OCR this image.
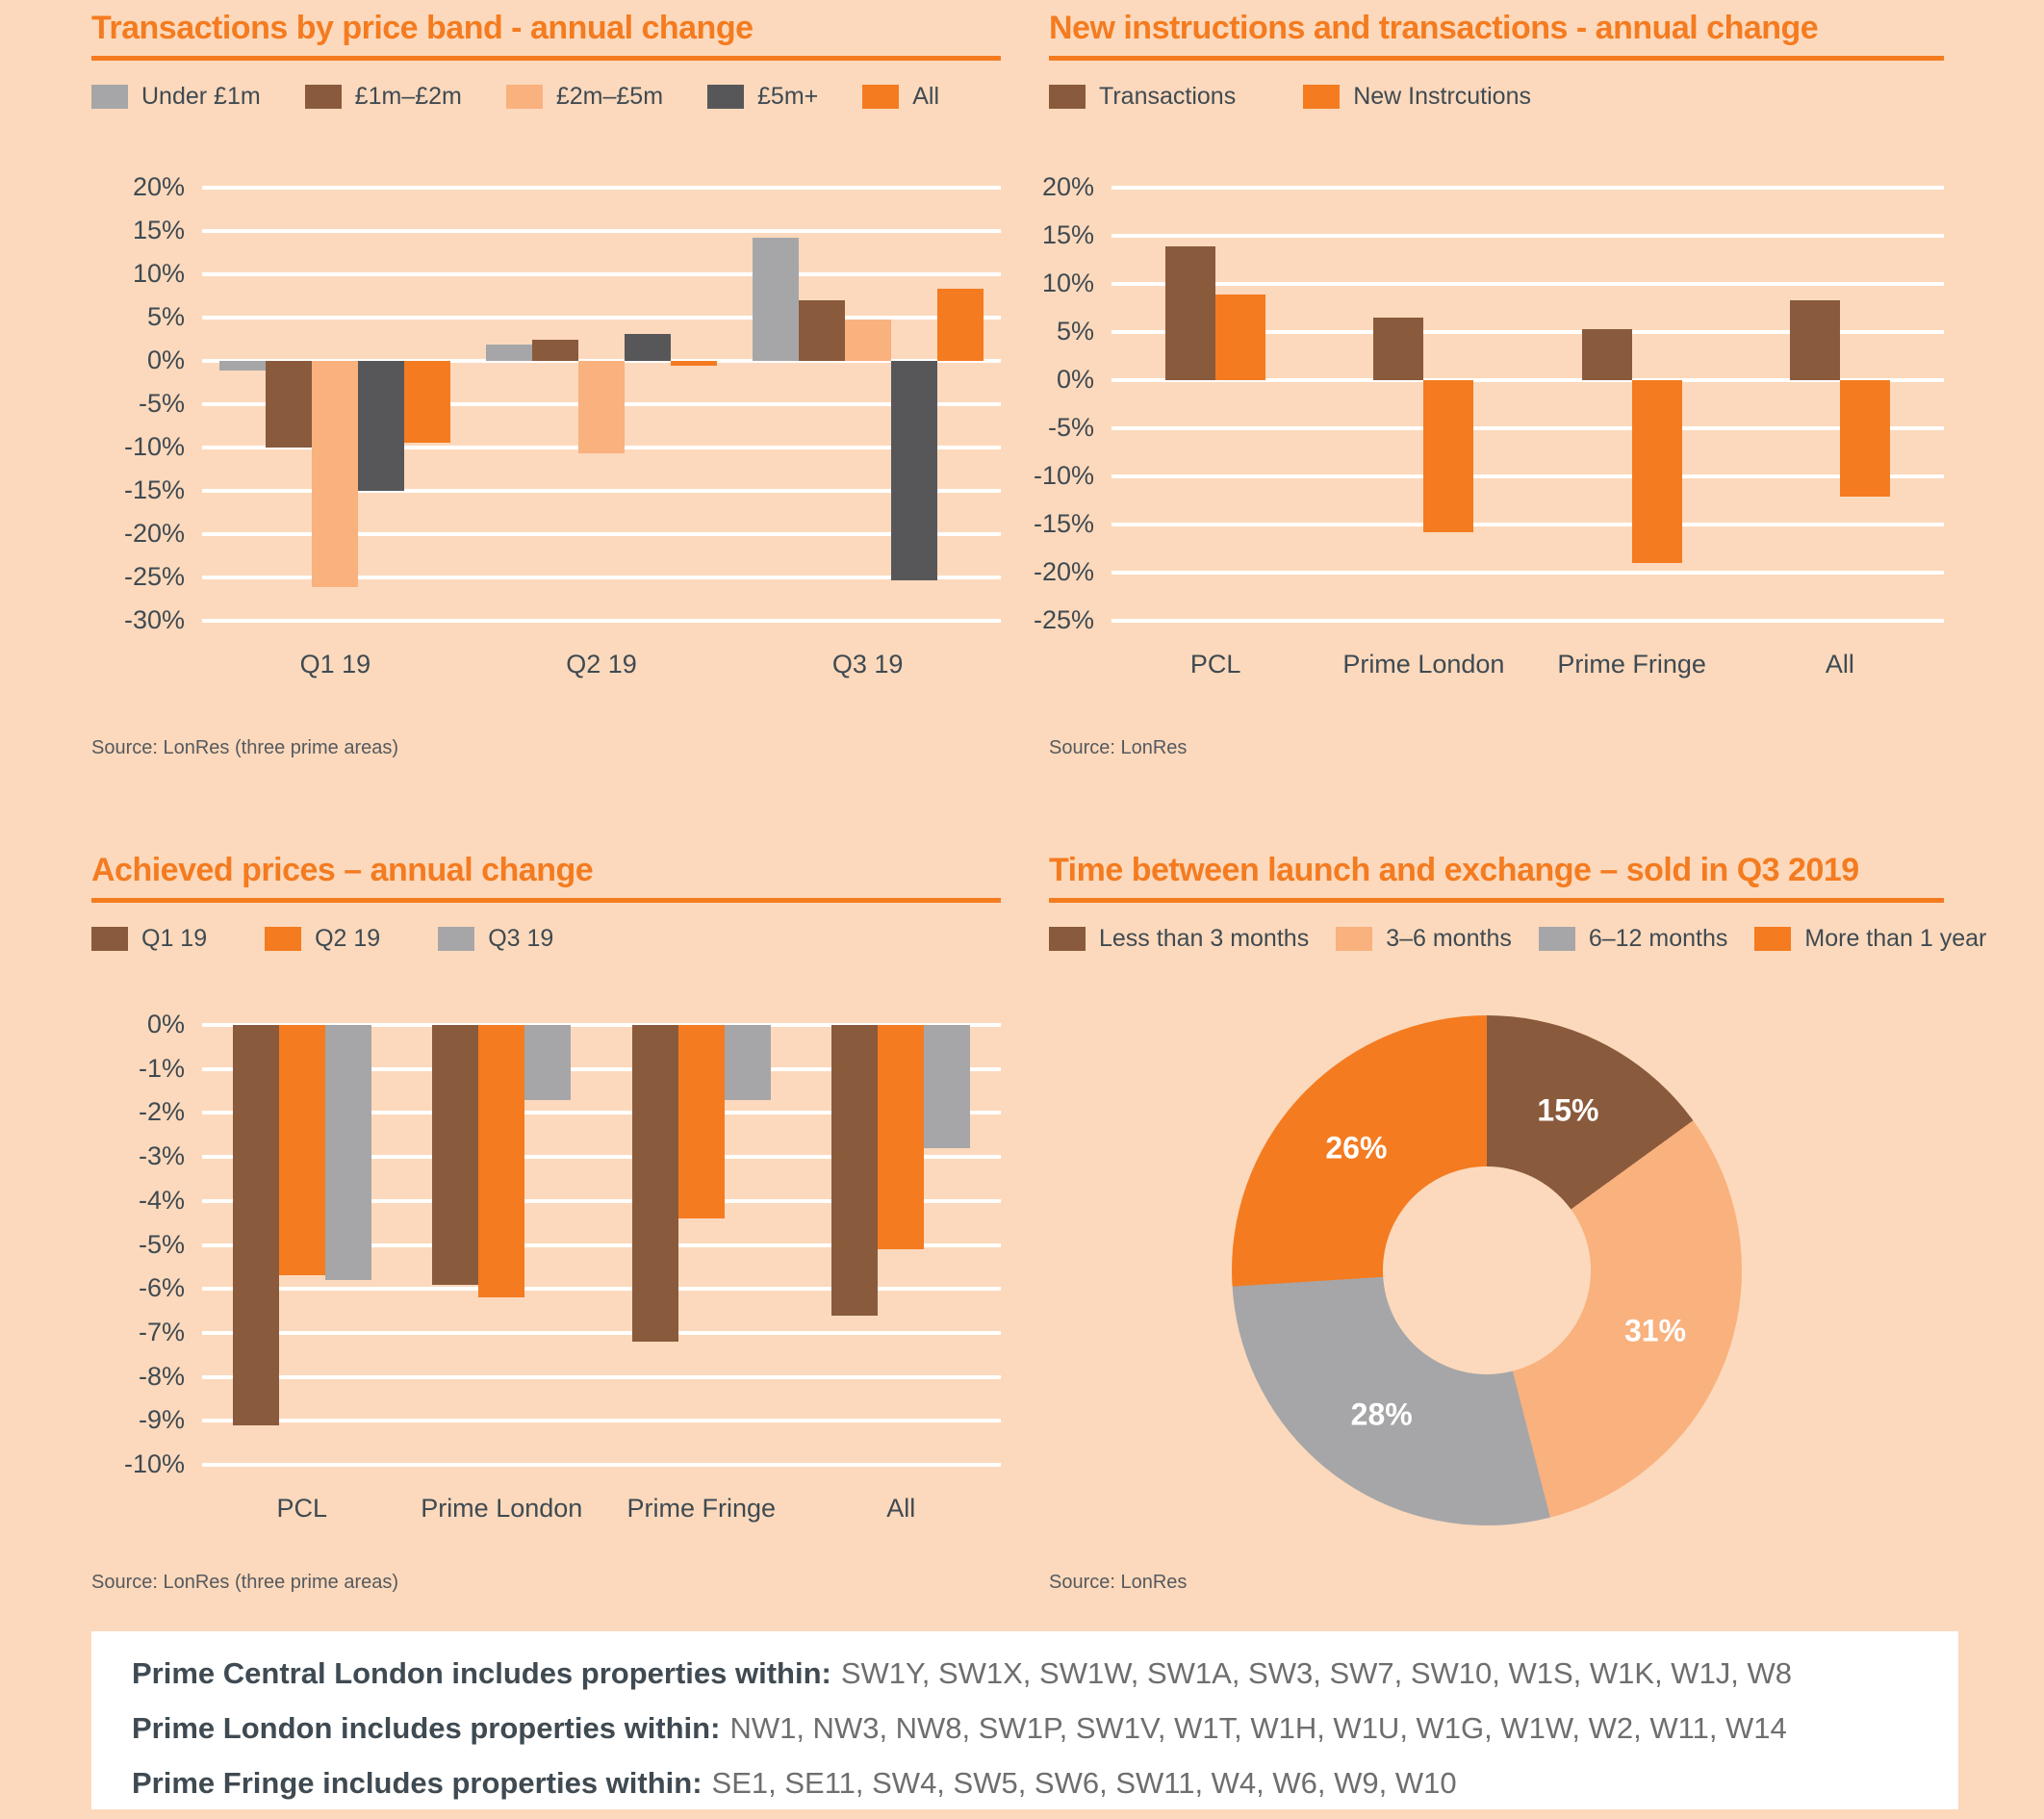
Transactions by price band - annual change
Under £1m	£1m–£2m	£2m–£5m	£5m+	All
20%
15%
10%
5%
0%
-5%
-10%
-15%
-20%
-25%
-30%
Q1 19	Q2 19	Q3 19
Source: LonRes (three prime areas)
New instructions and transactions - annual change
Transactions	New Instrcutions
20%
15%
10%
5%
0%
-5%
-10%
-15%
-20%
-25%
PCL	Prime London	Prime Fringe	All
Source: LonRes
Achieved prices – annual change
Q1 19	Q2 19	Q3 19
0%
-1%
-2%
-3%
-4%
-5%
-6%
-7%
-8%
-9%
-10%
PCL	Prime London	Prime Fringe	All
Source: LonRes (three prime areas)
Time between launch and exchange – sold in Q3 2019
Less than 3 months	3–6 months	6–12 months	More than 1 year
15%
31%
28%
26%
Source: LonRes

Prime Central London includes properties within: SW1Y, SW1X, SW1W, SW1A, SW3, SW7, SW10, W1S, W1K, W1J, W8

Prime London includes properties within: NW1, NW3, NW8, SW1P, SW1V, W1T, W1H, W1U, W1G, W1W, W2, W11, W14

Prime Fringe includes properties within: SE1, SE11, SW4, SW5, SW6, SW11, W4, W6, W9, W10
